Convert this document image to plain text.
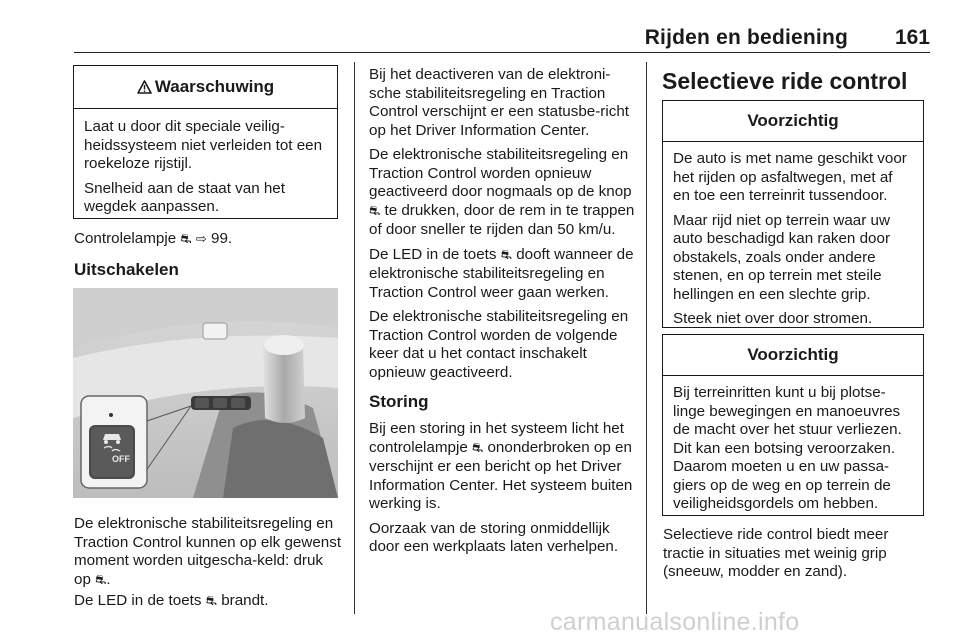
Rijden en bediening 161
Waarschuwing

Laat u door dit speciale veilig-heidssysteem niet verleiden tot een roekeloze rijstijl.

Snelheid aan de staat van het wegdek aanpassen.

Controlelampje ⛐ ⇨ 99.

Uitschakelen
OFF

De elektronische stabiliteitsregeling en Traction Control kunnen op elk gewenst moment worden uitgescha-keld: druk op ⛐.

De LED in de toets ⛐ brandt.

Bij het deactiveren van de elektroni-sche stabiliteitsregeling en Traction Control verschijnt er een statusbe-richt op het Driver Information Center.

De elektronische stabiliteitsregeling en Traction Control worden opnieuw geactiveerd door nogmaals op de knop ⛐ te drukken, door de rem in te trappen of door sneller te rijden dan 50 km/u.

De LED in de toets ⛐ dooft wanneer de elektronische stabiliteitsregeling en Traction Control weer gaan werken.

De elektronische stabiliteitsregeling en Traction Control worden de volgende keer dat u het contact inschakelt opnieuw geactiveerd.

Storing

Bij een storing in het systeem licht het controlelampje ⛐ ononderbroken op en verschijnt er een bericht op het Driver Information Center. Het systeem buiten werking is.

Oorzaak van de storing onmiddellijk door een werkplaats laten verhelpen.

Selectieve ride control
Voorzichtig

De auto is met name geschikt voor het rijden op asfaltwegen, met af en toe een terreinrit tussendoor.

Maar rijd niet op terrein waar uw auto beschadigd kan raken door obstakels, zoals onder andere stenen, en op terrein met steile hellingen en een slechte grip.

Steek niet over door stromen.

Voorzichtig

Bij terreinritten kunt u bij plotse-linge bewegingen en manoeuvres de macht over het stuur verliezen. Dit kan een botsing veroorzaken. Daarom moeten u en uw passa-giers op de weg en op terrein de veiligheidsgordels om hebben.

Selectieve ride control biedt meer tractie in situaties met weinig grip (sneeuw, modder en zand).

carmanualsonline.info
